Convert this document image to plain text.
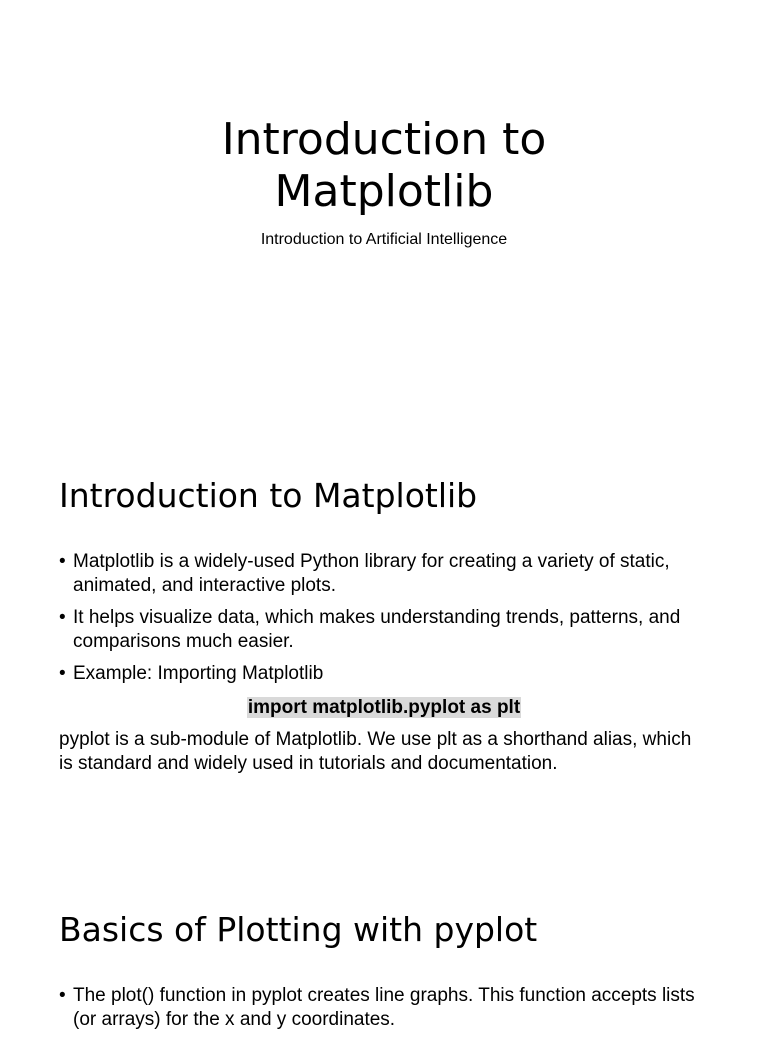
Introduction to
Matplotlib

Introduction to Artificial Intelligence

Introduction to Matplotlib
• Matplotlib is a widely-used Python library for creating a variety of static, animated, and interactive plots.
• It helps visualize data, which makes understanding trends, patterns, and comparisons much easier.
• Example: Importing Matplotlib
import matplotlib.pyplot as plt

pyplot is a sub-module of Matplotlib. We use plt as a shorthand alias, which is standard and widely used in tutorials and documentation.

Basics of Plotting with pyplot
• The plot() function in pyplot creates line graphs. This function accepts lists (or arrays) for the x and y coordinates.
